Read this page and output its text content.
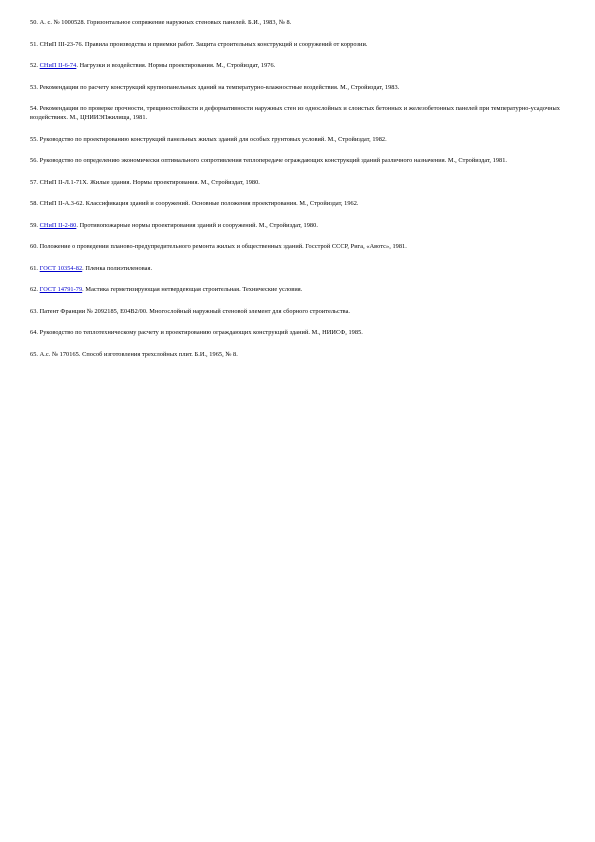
50. А. с. № 1000528. Горизонтальное сопряжение наружных стеновых панелей. Б.И., 1983, № 8.

51. СНиП III-23-76. Правила производства и приемки работ. Защита строительных конструкций и сооружений от коррозии.

52. СНиП II-6-74. Нагрузки и воздействия. Нормы проектирования. М., Стройиздат, 1976.

53. Рекомендации по расчету конструкций крупнопанельных зданий на температурно-влажностные воздействия. М., Стройиздат, 1983.

54. Рекомендации по проверке прочности, трещиностойкости и деформативности наружных стен из однослойных и слоистых бетонных и железобетонных панелей при температурно-усадочных воздействиях. М., ЦНИИЭПжилища, 1981.

55. Руководство по проектированию конструкций панельных жилых зданий для особых грунтовых условий. М., Стройиздат, 1982.

56. Руководство по определению экономически оптимального сопротивления теплопередаче ограждающих конструкций зданий различного назначения. М., Стройиздат, 1981.

57. СНиП II-Л.1-71Х. Жилые здания. Нормы проектирования. М., Стройиздат, 1980.

58. СНиП II-А.3-62. Классификация зданий и сооружений. Основные положения проектирования. М., Стройиздат, 1962.

59. СНиП II-2-80. Противопожарные нормы проектирования зданий и сооружений. М., Стройиздат, 1980.

60. Положение о проведении планово-предупредительного ремонта жилых и общественных зданий. Госстрой СССР, Рига, «Авотс», 1981.

61. ГОСТ 10354-82. Пленка полиэтиленовая.

62. ГОСТ 14791-79. Мастика герметизирующая нетвердеющая строительная. Технические условия.

63. Патент Франции № 2092185, Е04В2/00. Многослойный наружный стеновой элемент для сборного строительства.

64. Руководство по теплотехническому расчету и проектированию ограждающих конструкций зданий. М., НИИСФ, 1985.

65. А.с. № 170165. Способ изготовления трехслойных плит. Б.И., 1965, № 8.
